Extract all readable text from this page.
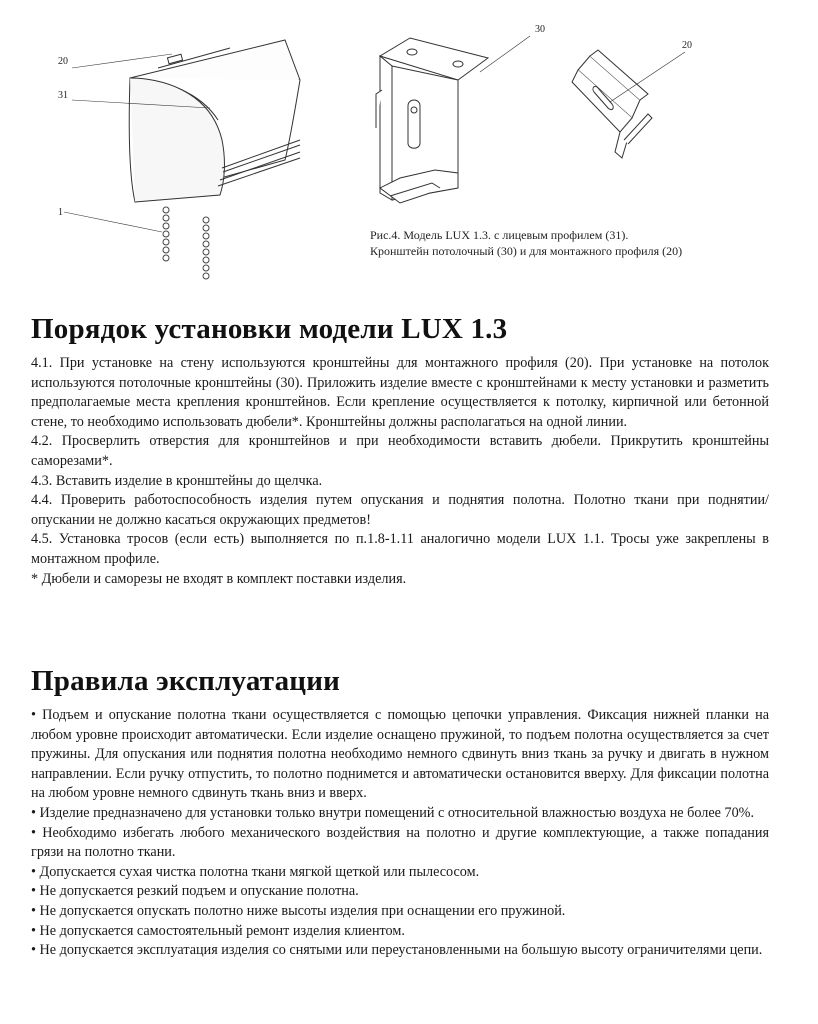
20
31
1
30
20
Рис.4. Модель LUX 1.3. с лицевым профилем (31).
Кронштейн потолочный (30) и для монтажного профиля (20)
Порядок установки модели LUX 1.3

4.1. При установке на стену используются кронштейны для монтажного профиля (20). При установке на потолок используются потолочные кронштейны (30). Приложить изделие вместе с кронштейнами к месту установки и разметить предполагаемые места крепления кронштейнов. Если крепление осуществляется к потолку, кирпичной или бетонной стене, то необходимо использовать дюбели*. Кронштейны должны располагаться на одной линии.

4.2. Просверлить отверстия для кронштейнов и при необходимости вставить дюбели. Прикрутить кронштейны саморезами*.

4.3. Вставить изделие в кронштейны до щелчка.

4.4. Проверить работоспособность изделия путем опускания и поднятия полотна. Полотно ткани при поднятии/опускании не должно касаться окружающих предметов!

4.5. Установка тросов (если есть) выполняется по п.1.8-1.11 аналогично модели LUX 1.1. Тросы уже закреплены в монтажном профиле.

* Дюбели и саморезы не входят в комплект поставки изделия.

Правила эксплуатации

• Подъем и опускание полотна ткани осуществляется с помощью цепочки управления. Фиксация нижней планки на любом уровне происходит автоматически. Если изделие оснащено пружиной, то подъем полотна осуществляется за счет пружины. Для опускания или поднятия полотна необходимо немного сдвинуть вниз ткань за ручку и двигать в нужном направлении. Если ручку отпустить, то полотно поднимется и автоматически остановится вверху. Для фиксации полотна на любом уровне немного сдвинуть ткань вниз и вверх.

• Изделие предназначено для установки только внутри помещений с относительной влажностью воздуха не более 70%.

• Необходимо избегать любого механического воздействия на полотно и другие комплектующие, а также попадания грязи на полотно ткани.

• Допускается сухая чистка полотна ткани мягкой щеткой или пылесосом.

• Не допускается резкий подъем и опускание полотна.

• Не допускается опускать полотно ниже высоты изделия при оснащении его пружиной.

• Не допускается самостоятельный ремонт изделия клиентом.

• Не допускается эксплуатация изделия со снятыми или переустановленными на большую высоту ограничителями цепи.
